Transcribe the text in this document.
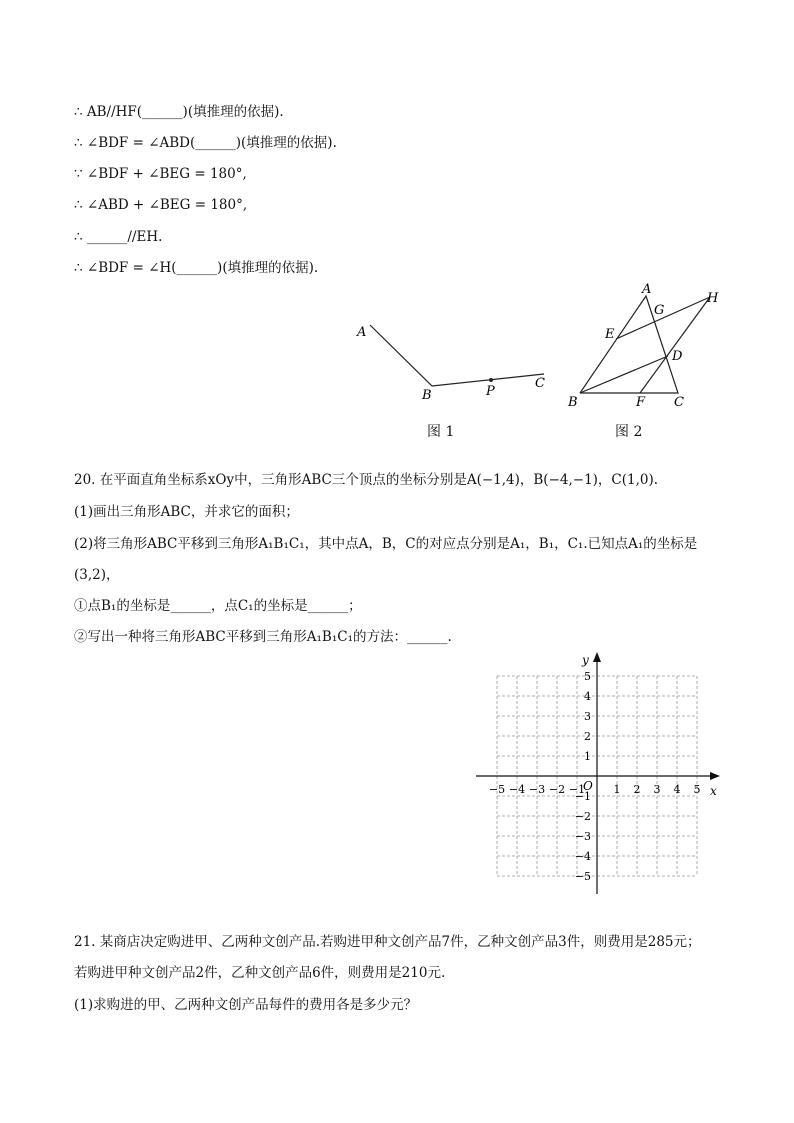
∴ AB//HF(______)(填推理的依据).
∴ ∠BDF = ∠ABD(______)(填推理的依据).
∵ ∠BDF + ∠BEG = 180°,
∴ ∠ABD + ∠BEG = 180°,
∴ ______//EH.
∴ ∠BDF = ∠H(______)(填推理的依据).
A
B	P
C
图 1
A
G
H
E
D
B	F C
图 2
20. 在平面直角坐标系xOy中，三角形ABC三个顶点的坐标分别是A(−1,4)，B(−4,−1)，C(1,0).
(1)画出三角形ABC，并求它的面积；
(2)将三角形ABC平移到三角形A₁B₁C₁，其中点A，B，C的对应点分别是A₁，B₁，C₁.已知点A₁的坐标是
(3,2)，
①点B₁的坐标是______，点C₁的坐标是______；
②写出一种将三角形ABC平移到三角形A₁B₁C₁的方法：______.
−5 −4 −3 −2 −1	1 2 3 4 5
5
4
3
2
1
−1
−2
−3
−4
−5
x
y
O
21. 某商店决定购进甲、乙两种文创产品.若购进甲种文创产品7件，乙种文创产品3件，则费用是285元；
若购进甲种文创产品2件，乙种文创产品6件，则费用是210元.
(1)求购进的甲、乙两种文创产品每件的费用各是多少元？
